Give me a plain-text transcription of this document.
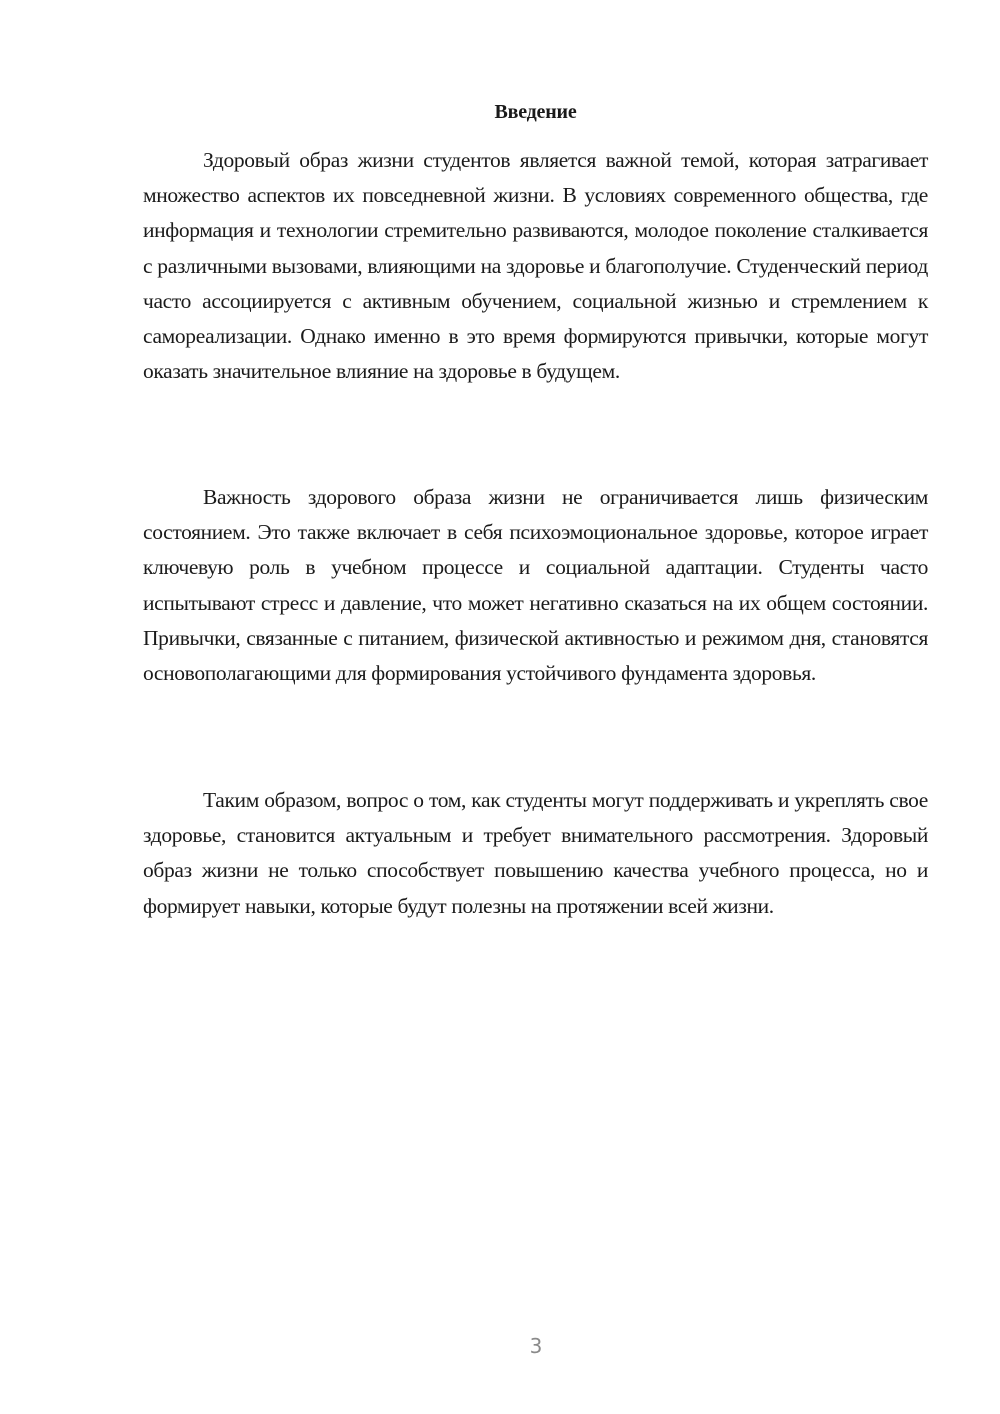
Введение

Здоровый образ жизни студентов является важной темой, которая затрагивает множество аспектов их повседневной жизни. В условиях современного общества, где информация и технологии стремительно развиваются, молодое поколение сталкивается с различными вызовами, влияющими на здоровье и благополучие. Студенческий период часто ассоциируется с активным обучением, социальной жизнью и стремлением к самореализации. Однако именно в это время формируются привычки, которые могут оказать значительное влияние на здоровье в будущем.

Важность здорового образа жизни не ограничивается лишь физическим состоянием. Это также включает в себя психоэмоциональное здоровье, которое играет ключевую роль в учебном процессе и социальной адаптации. Студенты часто испытывают стресс и давление, что может негативно сказаться на их общем состоянии. Привычки, связанные с питанием, физической активностью и режимом дня, становятся основополагающими для формирования устойчивого фундамента здоровья.

Таким образом, вопрос о том, как студенты могут поддерживать и укреплять свое здоровье, становится актуальным и требует внимательного рассмотрения. Здоровый образ жизни не только способствует повышению качества учебного процесса, но и формирует навыки, которые будут полезны на протяжении всей жизни.

3
